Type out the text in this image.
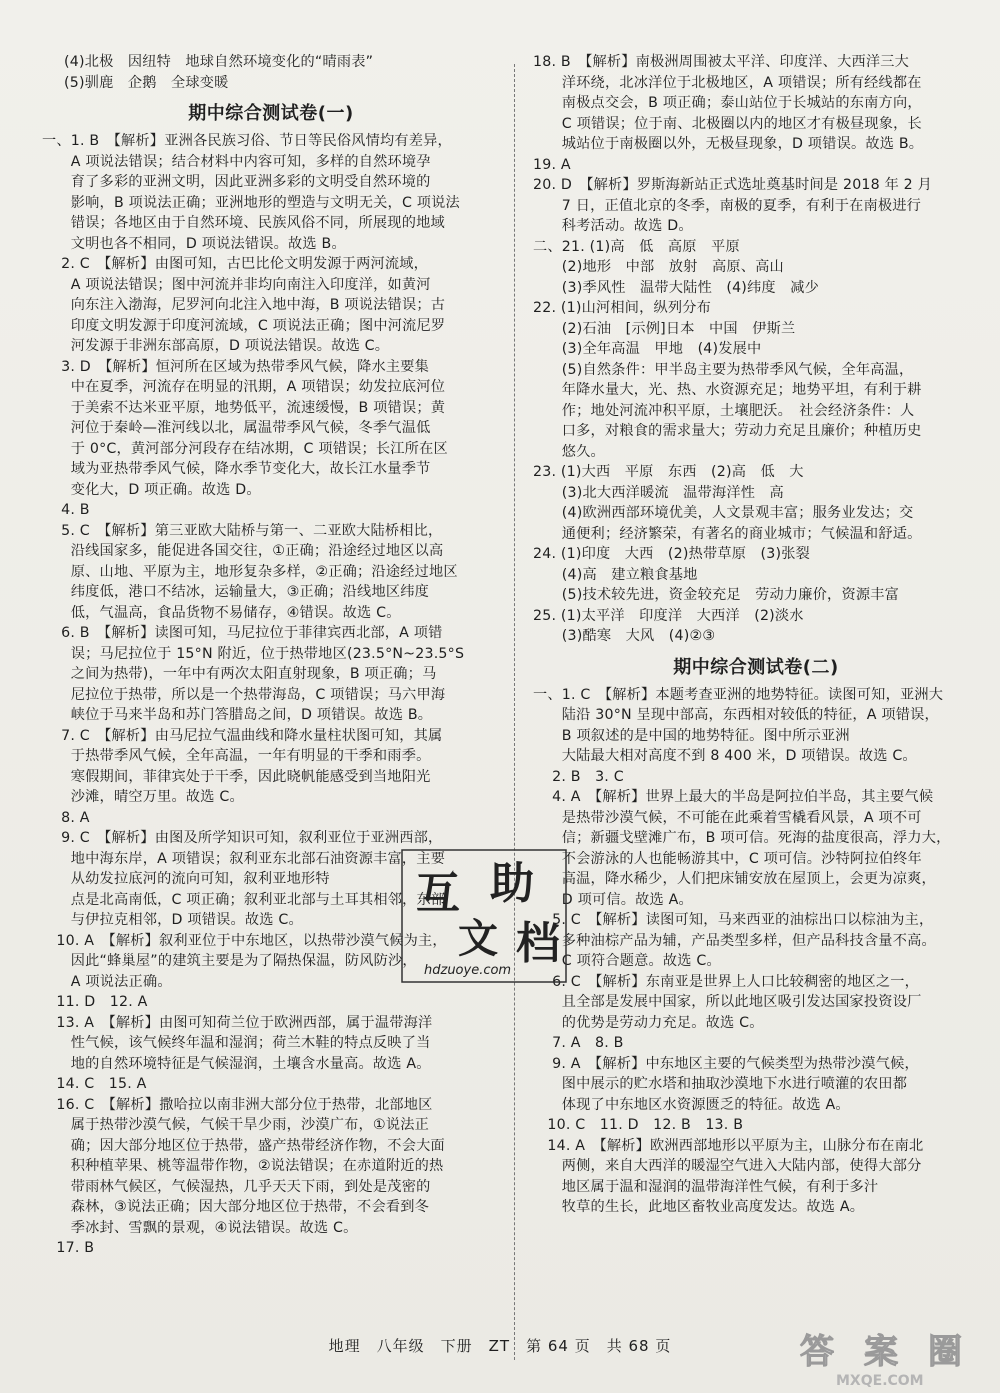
(4)北极　因纽特　地球自然环境变化的“晴雨表”
(5)驯鹿　企鹅　全球变暖
期中综合测试卷(一)
一、1. B　【解析】亚洲各民族习俗、节日等民俗风情均有差异，
　　A 项说法错误；结合材料中内容可知，多样的自然环境孕
　　育了多彩的亚洲文明，因此亚洲多彩的文明受自然环境的
　　影响，B 项说法正确；亚洲地形的塑造与文明无关，C 项说法
　　错误；各地区由于自然环境、民族风俗不同，所展现的地域
　　文明也各不相同，D 项说法错误。故选 B。
　 2. C　【解析】由图可知，古巴比伦文明发源于两河流域，
　　A 项说法错误；图中河流并非均向南注入印度洋，如黄河
　　向东注入渤海，尼罗河向北注入地中海，B 项说法错误；古
　　印度文明发源于印度河流域，C 项说法正确；图中河流尼罗
　　河发源于非洲东部高原，D 项说法错误。故选 C。
　 3. D　【解析】恒河所在区域为热带季风气候，降水主要集
　　中在夏季，河流存在明显的汛期，A 项错误；幼发拉底河位
　　于美索不达米亚平原，地势低平，流速缓慢，B 项错误；黄
　　河位于秦岭—淮河线以北，属温带季风气候，冬季气温低
　　于 0°C，黄河部分河段存在结冰期，C 项错误；长江所在区
　　域为亚热带季风气候，降水季节变化大，故长江水量季节
　　变化大，D 项正确。故选 D。
　 4. B
　 5. C　【解析】第三亚欧大陆桥与第一、二亚欧大陆桥相比，
　　沿线国家多，能促进各国交往，①正确；沿途经过地区以高
　　原、山地、平原为主，地形复杂多样，②正确；沿途经过地区
　　纬度低，港口不结冰，运输量大，③正确；沿线地区纬度
　　低，气温高，食品货物不易储存，④错误。故选 C。
　 6. B　【解析】读图可知，马尼拉位于菲律宾西北部，A 项错
　　误；马尼拉位于 15°N 附近，位于热带地区(23.5°N~23.5°S
　　之间为热带)，一年中有两次太阳直射现象，B 项正确；马
　　尼拉位于热带，所以是一个热带海岛，C 项错误；马六甲海
　　峡位于马来半岛和苏门答腊岛之间，D 项错误。故选 B。
　 7. C　【解析】由马尼拉气温曲线和降水量柱状图可知，其属
　　于热带季风气候，全年高温，一年有明显的干季和雨季。
　　寒假期间，菲律宾处于干季，因此晓帆能感受到当地阳光
　　沙滩，晴空万里。故选 C。
　 8. A
　 9. C　【解析】由图及所学知识可知，叙利亚位于亚洲西部，
　　地中海东岸，A 项错误；叙利亚东北部石油资源丰富，主要
　　从幼发拉底河的流向可知，叙利亚地形特
　　点是北高南低，C 项正确；叙利亚北部与土耳其相邻，东部
　　与伊拉克相邻，D 项错误。故选 C。
　10. A　【解析】叙利亚位于中东地区，以热带沙漠气候为主，
　　因此“蜂巢屋”的建筑主要是为了隔热保温，防风防沙，
　　A 项说法正确。
　11. D　12. A
　13. A　【解析】由图可知荷兰位于欧洲西部，属于温带海洋
　　性气候，该气候终年温和湿润；荷兰木鞋的特点反映了当
　　地的自然环境特征是气候湿润，土壤含水量高。故选 A。
　14. C　15. A
　16. C　【解析】撒哈拉以南非洲大部分位于热带，北部地区
　　属于热带沙漠气候，气候干旱少雨，沙漠广布，①说法正
　　确；因大部分地区位于热带，盛产热带经济作物，不会大面
　　积种植苹果、桃等温带作物，②说法错误；在赤道附近的热
　　带雨林气候区，气候湿热，几乎天天下雨，到处是茂密的
　　森林，③说法正确；因大部分地区位于热带，不会看到冬
　　季冰封、雪飘的景观，④说法错误。故选 C。
　17. B
18. B　【解析】南极洲周围被太平洋、印度洋、大西洋三大
　　洋环绕，北冰洋位于北极地区，A 项错误；所有经线都在
　　南极点交会，B 项正确；泰山站位于长城站的东南方向，
　　C 项错误；位于南、北极圈以内的地区才有极昼现象，长
　　城站位于南极圈以外，无极昼现象，D 项错误。故选 B。
19. A
20. D　【解析】罗斯海新站正式选址奠基时间是 2018 年 2 月
　　7 日，正值北京的冬季，南极的夏季，有利于在南极进行
　　科考活动。故选 D。
二、21. (1)高　低　高原　平原
　　(2)地形　中部　放射　高原、高山
　　(3)季风性　温带大陆性　(4)纬度　减少
22. (1)山河相间，纵列分布
　　(2)石油　[示例]日本　中国　伊斯兰
　　(3)全年高温　甲地　(4)发展中
　　(5)自然条件：甲半岛主要为热带季风气候，全年高温，
　　年降水量大，光、热、水资源充足；地势平坦，有利于耕
　　作；地处河流冲积平原，土壤肥沃。　社会经济条件：人
　　口多，对粮食的需求量大；劳动力充足且廉价；种植历史
　　悠久。
23. (1)大西　平原　东西　(2)高　低　大
　　(3)北大西洋暖流　温带海洋性　高
　　(4)欧洲西部环境优美，人文景观丰富；服务业发达；交
　　通便利；经济繁荣，有著名的商业城市；气候温和舒适。
24. (1)印度　大西　(2)热带草原　(3)张裂
　　(4)高　建立粮食基地
　　(5)技术较先进，资金较充足　劳动力廉价，资源丰富
25. (1)太平洋　印度洋　大西洋　(2)淡水
　　(3)酷寒　大风　(4)②③
期中综合测试卷(二)
一、1. C　【解析】本题考查亚洲的地势特征。读图可知，亚洲大
　　陆沿 30°N 呈现中部高，东西相对较低的特征，A 项错误，
　　B 项叙述的是中国的地势特征。图中所示亚洲
　　大陆最大相对高度不到 8 400 米，D 项错误。故选 C。
　 2. B　3. C
　 4. A　【解析】世界上最大的半岛是阿拉伯半岛，其主要气候
　　是热带沙漠气候，不可能在此乘着雪橇看风景，A 项不可
　　信；新疆戈壁滩广布，B 项可信。死海的盐度很高，浮力大，
　　不会游泳的人也能畅游其中，C 项可信。沙特阿拉伯终年
　　高温，降水稀少，人们把床铺安放在屋顶上，会更为凉爽，
　　D 项可信。故选 A。
　 5. C　【解析】读图可知，马来西亚的油棕出口以棕油为主，
　　多种油棕产品为辅，产品类型多样，但产品科技含量不高。
　　C 项符合题意。故选 C。
　 6. C　【解析】东南亚是世界上人口比较稠密的地区之一，
　　且全部是发展中国家，所以此地区吸引发达国家投资设厂
　　的优势是劳动力充足。故选 C。
　 7. A　8. B
　 9. A　【解析】中东地区主要的气候类型为热带沙漠气候，
　　图中展示的贮水塔和抽取沙漠地下水进行喷灌的农田都
　　体现了中东地区水资源匮乏的特征。故选 A。
　10. C　11. D　12. B　13. B
　14. A　【解析】欧洲西部地形以平原为主，山脉分布在南北
　　两侧，来自大西洋的暖湿空气进入大陆内部，使得大部分
　　地区属于温和湿润的温带海洋性气候，有利于多汁
　　牧草的生长，此地区畜牧业高度发达。故选 A。
互 助
文 档
hdzuoye.com
答 案 圈
MXQE.COM
地理　八年级　下册　ZT　第 64 页　共 68 页
